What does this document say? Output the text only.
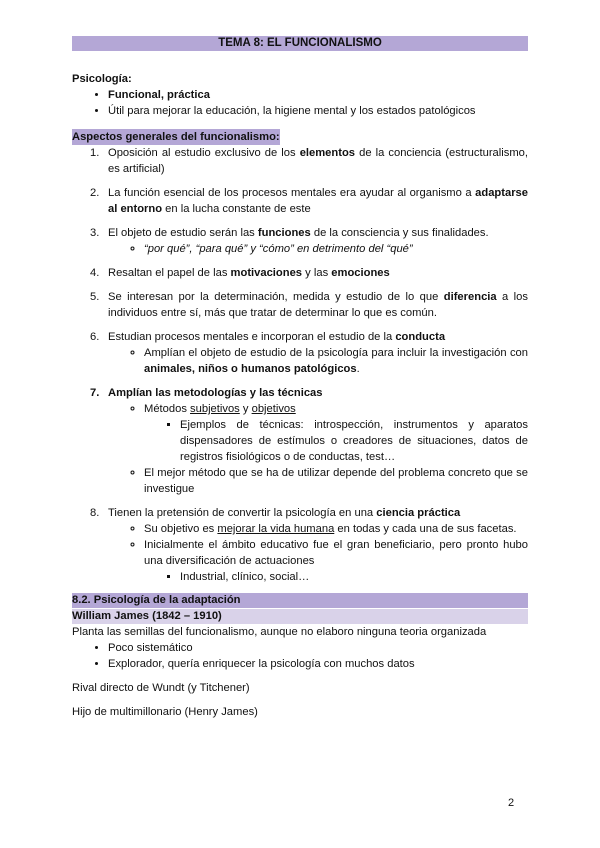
TEMA 8: EL FUNCIONALISMO

Psicología:

• Funcional, práctica
• Útil para mejorar la educación, la higiene mental y los estados patológicos

Aspectos generales del funcionalismo:

1. Oposición al estudio exclusivo de los elementos de la conciencia (estructuralismo, es artificial)
2. La función esencial de los procesos mentales era ayudar al organismo a adaptarse al entorno en la lucha constante de este
3. El objeto de estudio serán las funciones de la consciencia y sus finalidades.
◦ “por qué”, “para qué” y “cómo” en detrimento del “qué”
4. Resaltan el papel de las motivaciones y las emociones
5. Se interesan por la determinación, medida y estudio de lo que diferencia a los individuos entre sí, más que tratar de determinar lo que es común.
6. Estudian procesos mentales e incorporan el estudio de la conducta
◦ Amplían el objeto de estudio de la psicología para incluir la investigación con animales, niños o humanos patológicos.
7. Amplían las metodologías y las técnicas
◦ Métodos subjetivos y objetivos
▪ Ejemplos de técnicas: introspección, instrumentos y aparatos dispensadores de estímulos o creadores de situaciones, datos de registros fisiológicos o de conductas, test…
◦ El mejor método que se ha de utilizar depende del problema concreto que se investigue
8. Tienen la pretensión de convertir la psicología en una ciencia práctica
◦ Su objetivo es mejorar la vida humana en todas y cada una de sus facetas.
◦ Inicialmente el ámbito educativo fue el gran beneficiario, pero pronto hubo una diversificación de actuaciones
▪ Industrial, clínico, social…
8.2. Psicología de la adaptación
William James (1842 – 1910)

Planta las semillas del funcionalismo, aunque no elaboro ninguna teoria organizada

• Poco sistemático
• Explorador, quería enriquecer la psicología con muchos datos

Rival directo de Wundt (y Titchener)

Hijo de multimillonario (Henry James)

2
